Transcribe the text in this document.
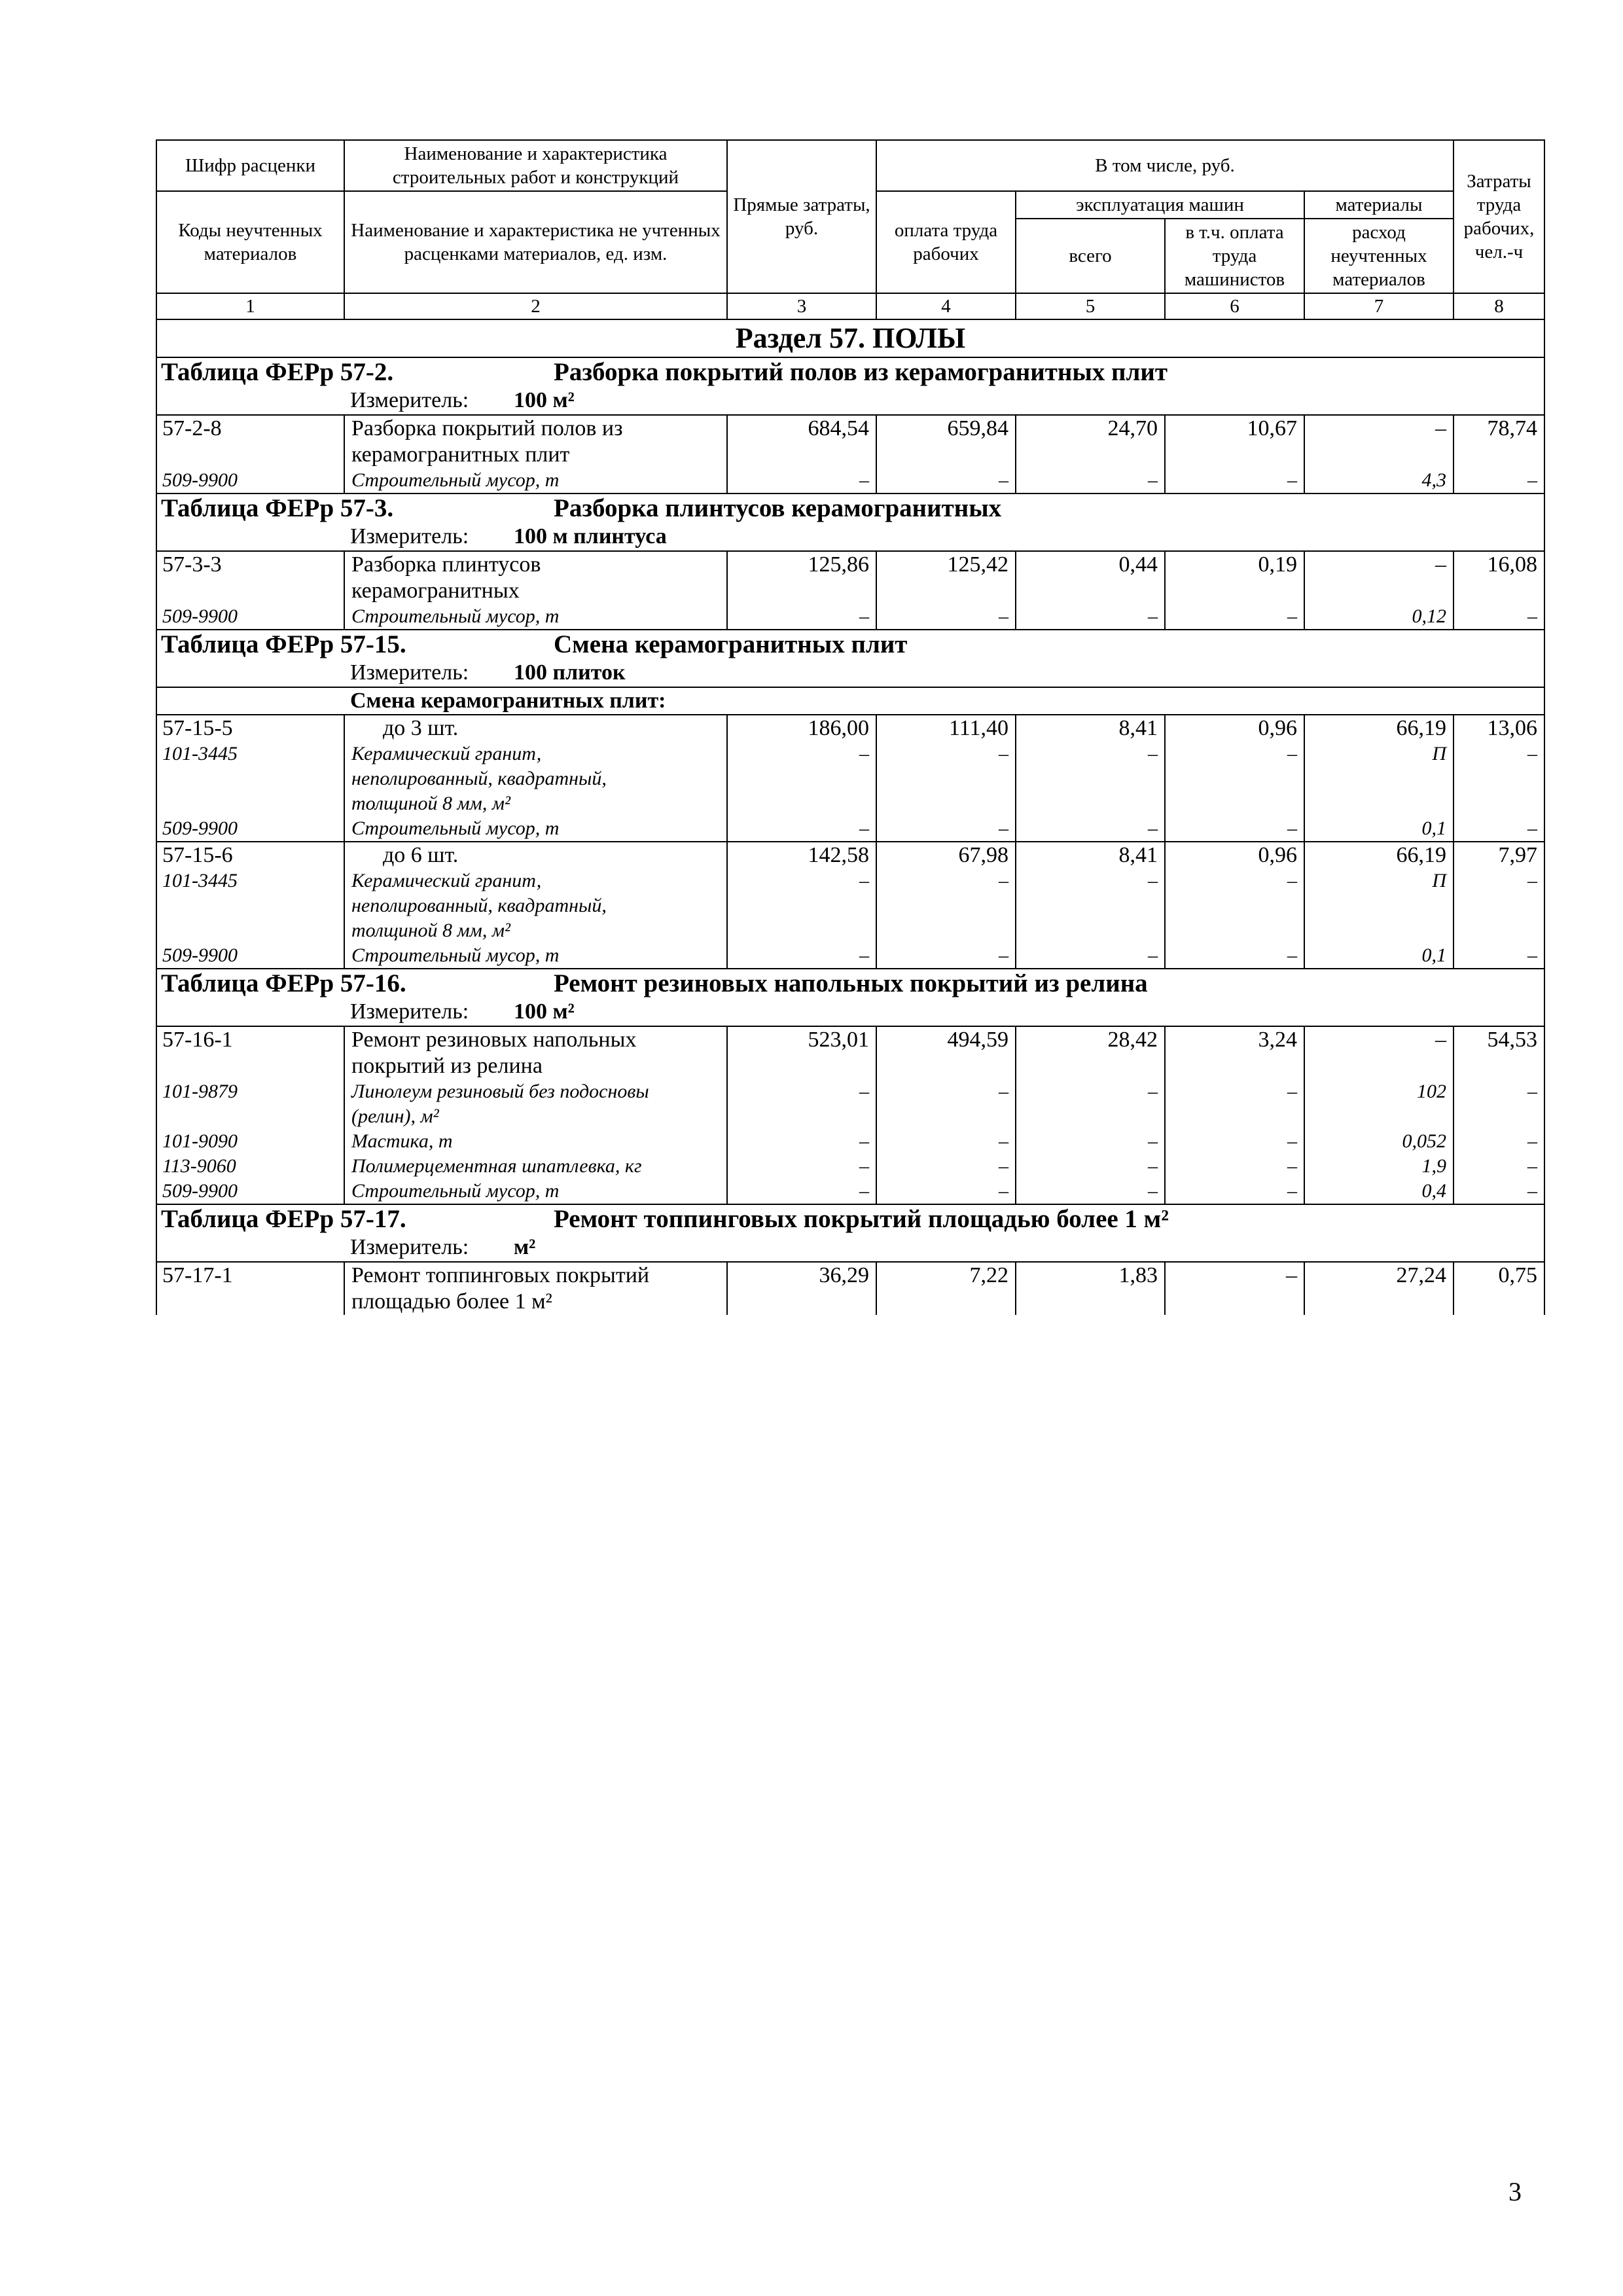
Шифр расценки	Наименование и характеристика строительных работ и конструкций	Прямые затраты, руб.	В том числе, руб.				Затраты труда рабочих, чел.-ч
Коды неучтенных материалов	Наименование и характеристика не учтенных расценками материалов, ед. изм.		оплата труда рабочих	эксплуатация машин		материалы	
				всего	в т.ч. оплата труда машинистов	расход неучтенных материалов	
1	2	3	4	5	6	7	8
Раздел 57. ПОЛЫ							

Таблица ФЕРр 57-2. Разборка покрытий полов из керамогранитных плит
Измеритель: 100 м²							

57-2-8	Разборка покрытий полов из	684,54	659,84	24,70	10,67	–	78,74
	керамогранитных плит						
509-9900	Строительный мусор, т	–	–	–	–	4,3	–

Таблица ФЕРр 57-3. Разборка плинтусов керамогранитных
Измеритель: 100 м плинтуса							

57-3-3	Разборка плинтусов	125,86	125,42	0,44	0,19	–	16,08
	керамогранитных						
509-9900	Строительный мусор, т	–	–	–	–	0,12	–

Таблица ФЕРр 57-15. Смена керамогранитных плит
Измеритель: 100 плиток							

Смена керамогранитных плит:							
57-15-5	до 3 шт.	186,00	111,40	8,41	0,96	66,19	13,06
101-3445	Керамический гранит,	–	–	–	–	П	–
	неполированный, квадратный,						
	толщиной 8 мм, м²						
509-9900	Строительный мусор, т	–	–	–	–	0,1	–
57-15-6	до 6 шт.	142,58	67,98	8,41	0,96	66,19	7,97
101-3445	Керамический гранит,	–	–	–	–	П	–
	неполированный, квадратный,						
	толщиной 8 мм, м²						
509-9900	Строительный мусор, т	–	–	–	–	0,1	–

Таблица ФЕРр 57-16. Ремонт резиновых напольных покрытий из релина
Измеритель: 100 м²							

57-16-1	Ремонт резиновых напольных	523,01	494,59	28,42	3,24	–	54,53
	покрытий из релина						
101-9879	Линолеум резиновый без подосновы	–	–	–	–	102	–
	(релин), м²						
101-9090	Мастика, т	–	–	–	–	0,052	–
113-9060	Полимерцементная шпатлевка, кг	–	–	–	–	1,9	–
509-9900	Строительный мусор, т	–	–	–	–	0,4	–

Таблица ФЕРр 57-17. Ремонт топпинговых покрытий площадью более 1 м²
Измеритель: м²							

57-17-1	Ремонт топпинговых покрытий	36,29	7,22	1,83	–	27,24	0,75
	площадью более 1 м²						
3
